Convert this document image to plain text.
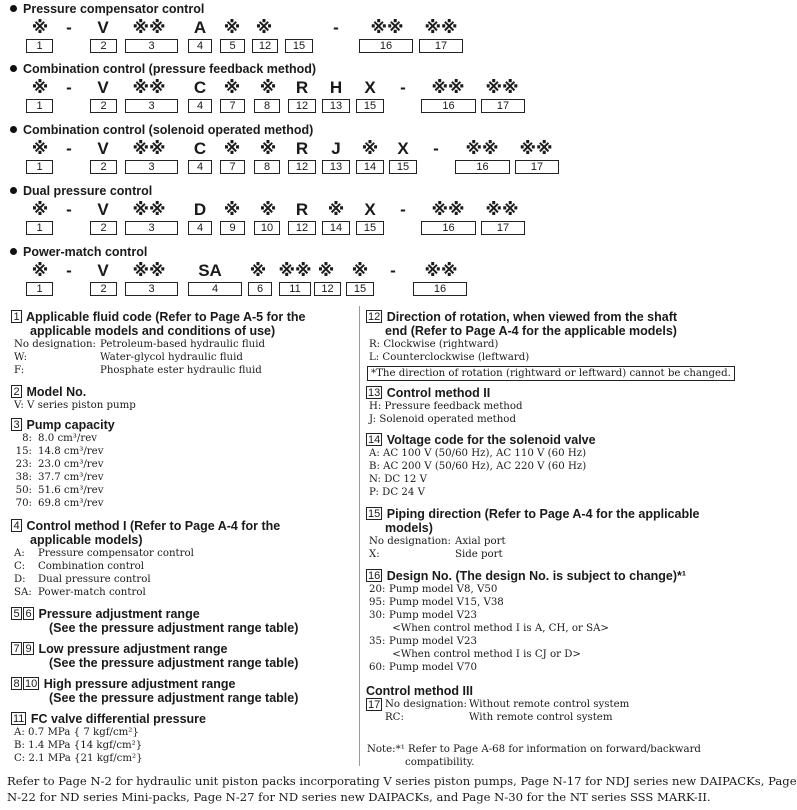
Pressure compensator control
※ - V ※※ A ※ ※	- ※※ ※※
1	2	3	4	5	12	15	16	17
Combination control (pressure feedback method)
※ - V ※※ C ※ ※ R H X - ※※ ※※
1	2	3	4	7	8	12	13	15	16	17
Combination control (solenoid operated method)
※ - V ※※ C ※ ※ R J ※ X - ※※ ※※
1	2	3	4	7	8	12	13	14	15	16	17
Dual pressure control
※ - V ※※ D ※ ※ R ※ X - ※※ ※※
1	2	3	4	9	10	12	14	15	16	17
Power-match control
※ - V ※※ SA ※ ※※ ※ ※ - ※※
1	2	3	4	6	11	12	15	16
1 Applicable fluid code (Refer to Page A-5 for the
applicable models and conditions of use)
No designation: Petroleum-based hydraulic fluid
W:	Water-glycol hydraulic fluid
F:	Phosphate ester hydraulic fluid
2 Model No.
V: V series piston pump
3 Pump capacity
8: 8.0 cm³/rev
15: 14.8 cm³/rev
23: 23.0 cm³/rev
38: 37.7 cm³/rev
50: 51.6 cm³/rev
70: 69.8 cm³/rev
4 Control method I (Refer to Page A-4 for the
applicable models)
A: Pressure compensator control
C: Combination control
D: Dual pressure control
SA: Power-match control
5 6 Pressure adjustment range
(See the pressure adjustment range table)
7 9 Low pressure adjustment range
(See the pressure adjustment range table)
8 10 High pressure adjustment range
(See the pressure adjustment range table)
11 FC valve differential pressure
A: 0.7 MPa { 7 kgf/cm²}
B: 1.4 MPa {14 kgf/cm²}
C: 2.1 MPa {21 kgf/cm²}
12 Direction of rotation, when viewed from the shaft
end (Refer to Page A-4 for the applicable models)
R: Clockwise (rightward)
L: Counterclockwise (leftward)
13 Control method II
H: Pressure feedback method
J: Solenoid operated method
14 Voltage code for the solenoid valve
A: AC 100 V (50/60 Hz), AC 110 V (60 Hz)
B: AC 200 V (50/60 Hz), AC 220 V (60 Hz)
N: DC 12 V
P: DC 24 V
15 Piping direction (Refer to Page A-4 for the applicable
models)
No designation: Axial port
X:	Side port
16 Design No. (The design No. is subject to change)*¹
20: Pump model V8, V50
95: Pump model V15, V38
30: Pump model V23
<When control method I is A, CH, or SA>
35: Pump model V23
<When control method I is CJ or D>
60: Pump model V70
Control method III
*The direction of rotation (rightward or leftward) cannot be changed.
No designation: Without remote control system
RC:	With remote control system
17
Note:*¹ Refer to Page A-68 for information on forward/backward
compatibility.
Refer to Page N-2 for hydraulic unit piston packs incorporating V series piston pumps, Page N-17 for NDJ series new DAIPACKs, Page
N-22 for ND series Mini-packs, Page N-27 for ND series new DAIPACKs, and Page N-30 for the NT series SSS MARK-II.
